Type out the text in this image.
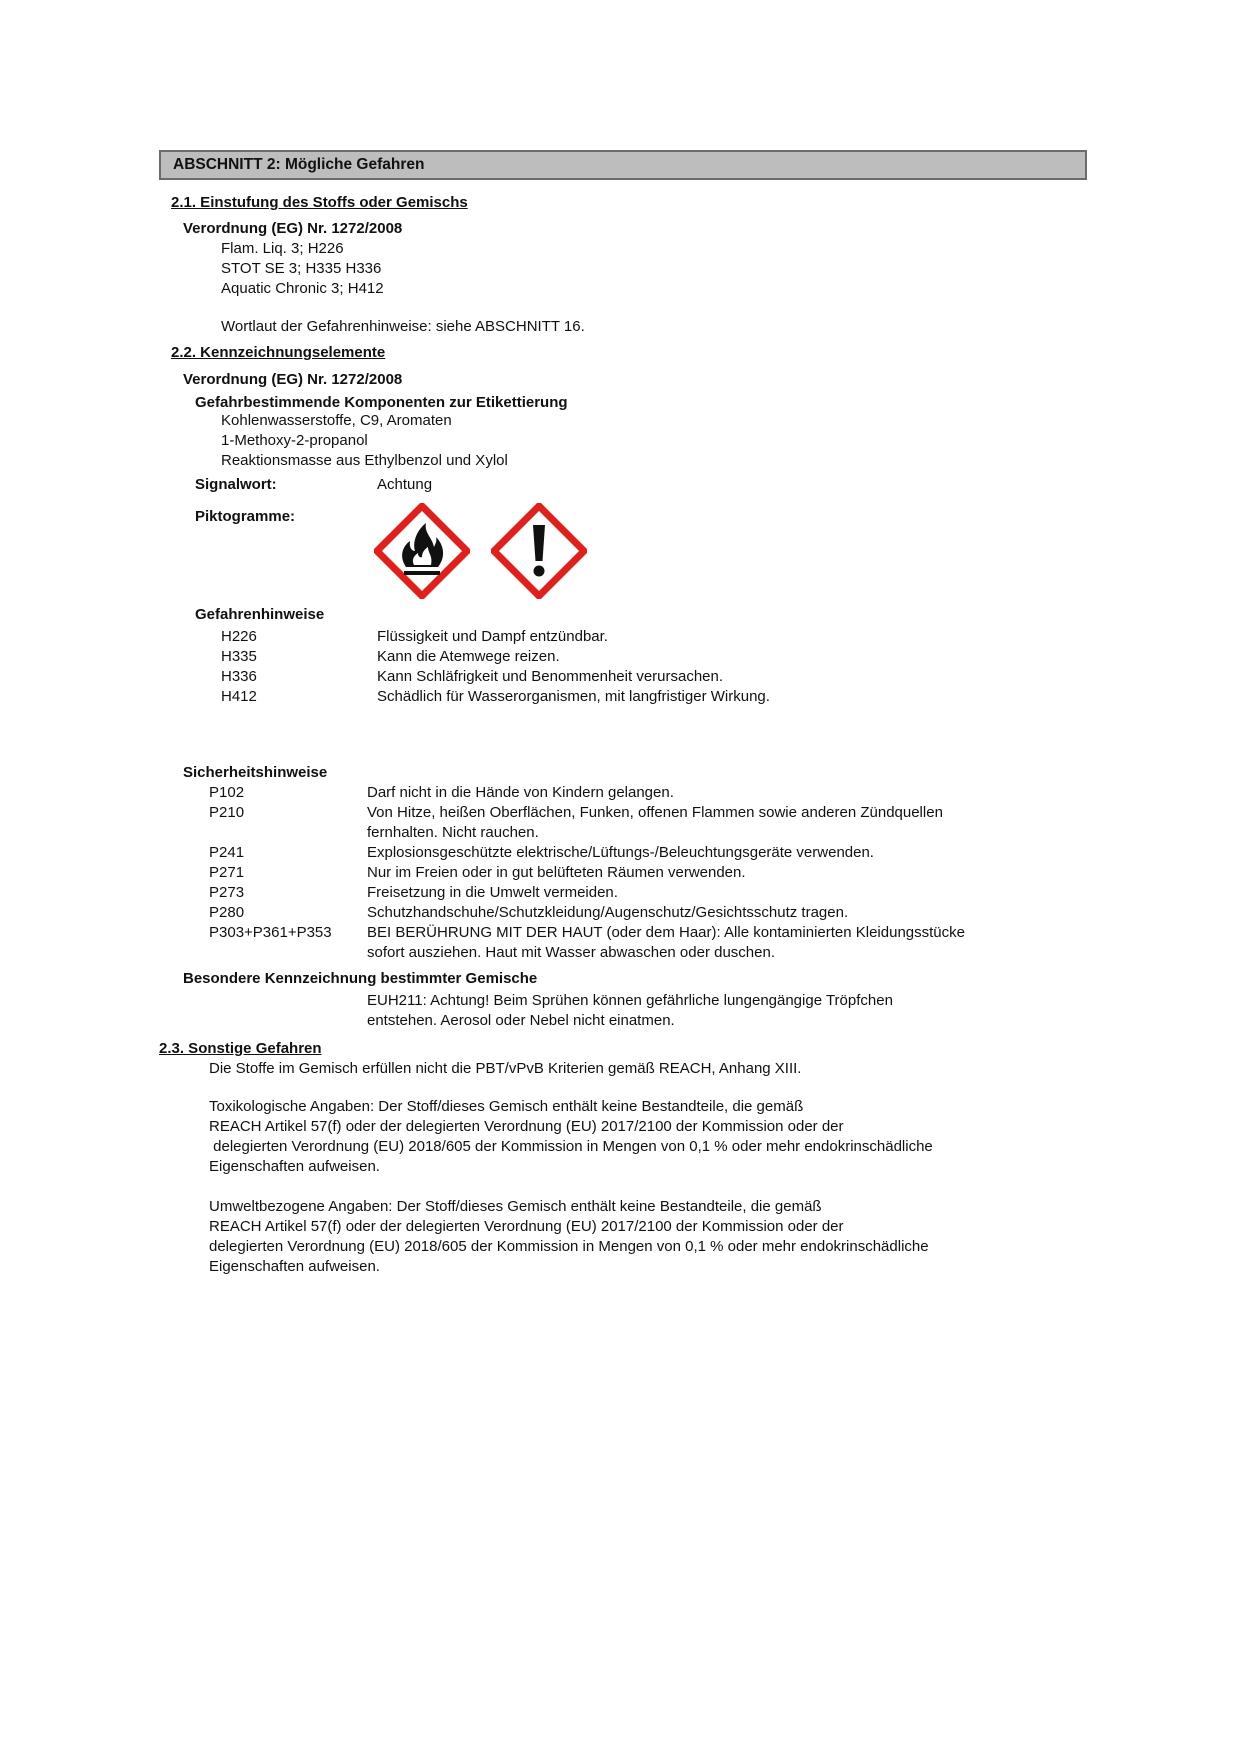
ABSCHNITT 2: Mögliche Gefahren
2.1. Einstufung des Stoffs oder Gemischs
Verordnung (EG) Nr. 1272/2008
Flam. Liq. 3; H226
STOT SE 3; H335 H336
Aquatic Chronic 3; H412
Wortlaut der Gefahrenhinweise: siehe ABSCHNITT 16.
2.2. Kennzeichnungselemente
Verordnung (EG) Nr. 1272/2008
Gefahrbestimmende Komponenten zur Etikettierung
Kohlenwasserstoffe, C9, Aromaten
1-Methoxy-2-propanol
Reaktionsmasse aus Ethylbenzol und Xylol
Signalwort:	Achtung
Piktogramme:
Gefahrenhinweise
H226	Flüssigkeit und Dampf entzündbar.
H335	Kann die Atemwege reizen.
H336	Kann Schläfrigkeit und Benommenheit verursachen.
H412	Schädlich für Wasserorganismen, mit langfristiger Wirkung.
Sicherheitshinweise
P102	Darf nicht in die Hände von Kindern gelangen.
P210	Von Hitze, heißen Oberflächen, Funken, offenen Flammen sowie anderen Zündquellen
fernhalten. Nicht rauchen.
P241	Explosionsgeschützte elektrische/Lüftungs-/Beleuchtungsgeräte verwenden.
P271	Nur im Freien oder in gut belüfteten Räumen verwenden.
P273	Freisetzung in die Umwelt vermeiden.
P280	Schutzhandschuhe/Schutzkleidung/Augenschutz/Gesichtsschutz tragen.
P303+P361+P353 BEI BERÜHRUNG MIT DER HAUT (oder dem Haar): Alle kontaminierten Kleidungsstücke
sofort ausziehen. Haut mit Wasser abwaschen oder duschen.
Besondere Kennzeichnung bestimmter Gemische
EUH211: Achtung! Beim Sprühen können gefährliche lungengängige Tröpfchen
entstehen. Aerosol oder Nebel nicht einatmen.
2.3. Sonstige Gefahren
Die Stoffe im Gemisch erfüllen nicht die PBT/vPvB Kriterien gemäß REACH, Anhang XIII.
Toxikologische Angaben: Der Stoff/dieses Gemisch enthält keine Bestandteile, die gemäß
REACH Artikel 57(f) oder der delegierten Verordnung (EU) 2017/2100 der Kommission oder der
delegierten Verordnung (EU) 2018/605 der Kommission in Mengen von 0,1 % oder mehr endokrinschädliche
Eigenschaften aufweisen.
Umweltbezogene Angaben: Der Stoff/dieses Gemisch enthält keine Bestandteile, die gemäß
REACH Artikel 57(f) oder der delegierten Verordnung (EU) 2017/2100 der Kommission oder der
delegierten Verordnung (EU) 2018/605 der Kommission in Mengen von 0,1 % oder mehr endokrinschädliche
Eigenschaften aufweisen.
